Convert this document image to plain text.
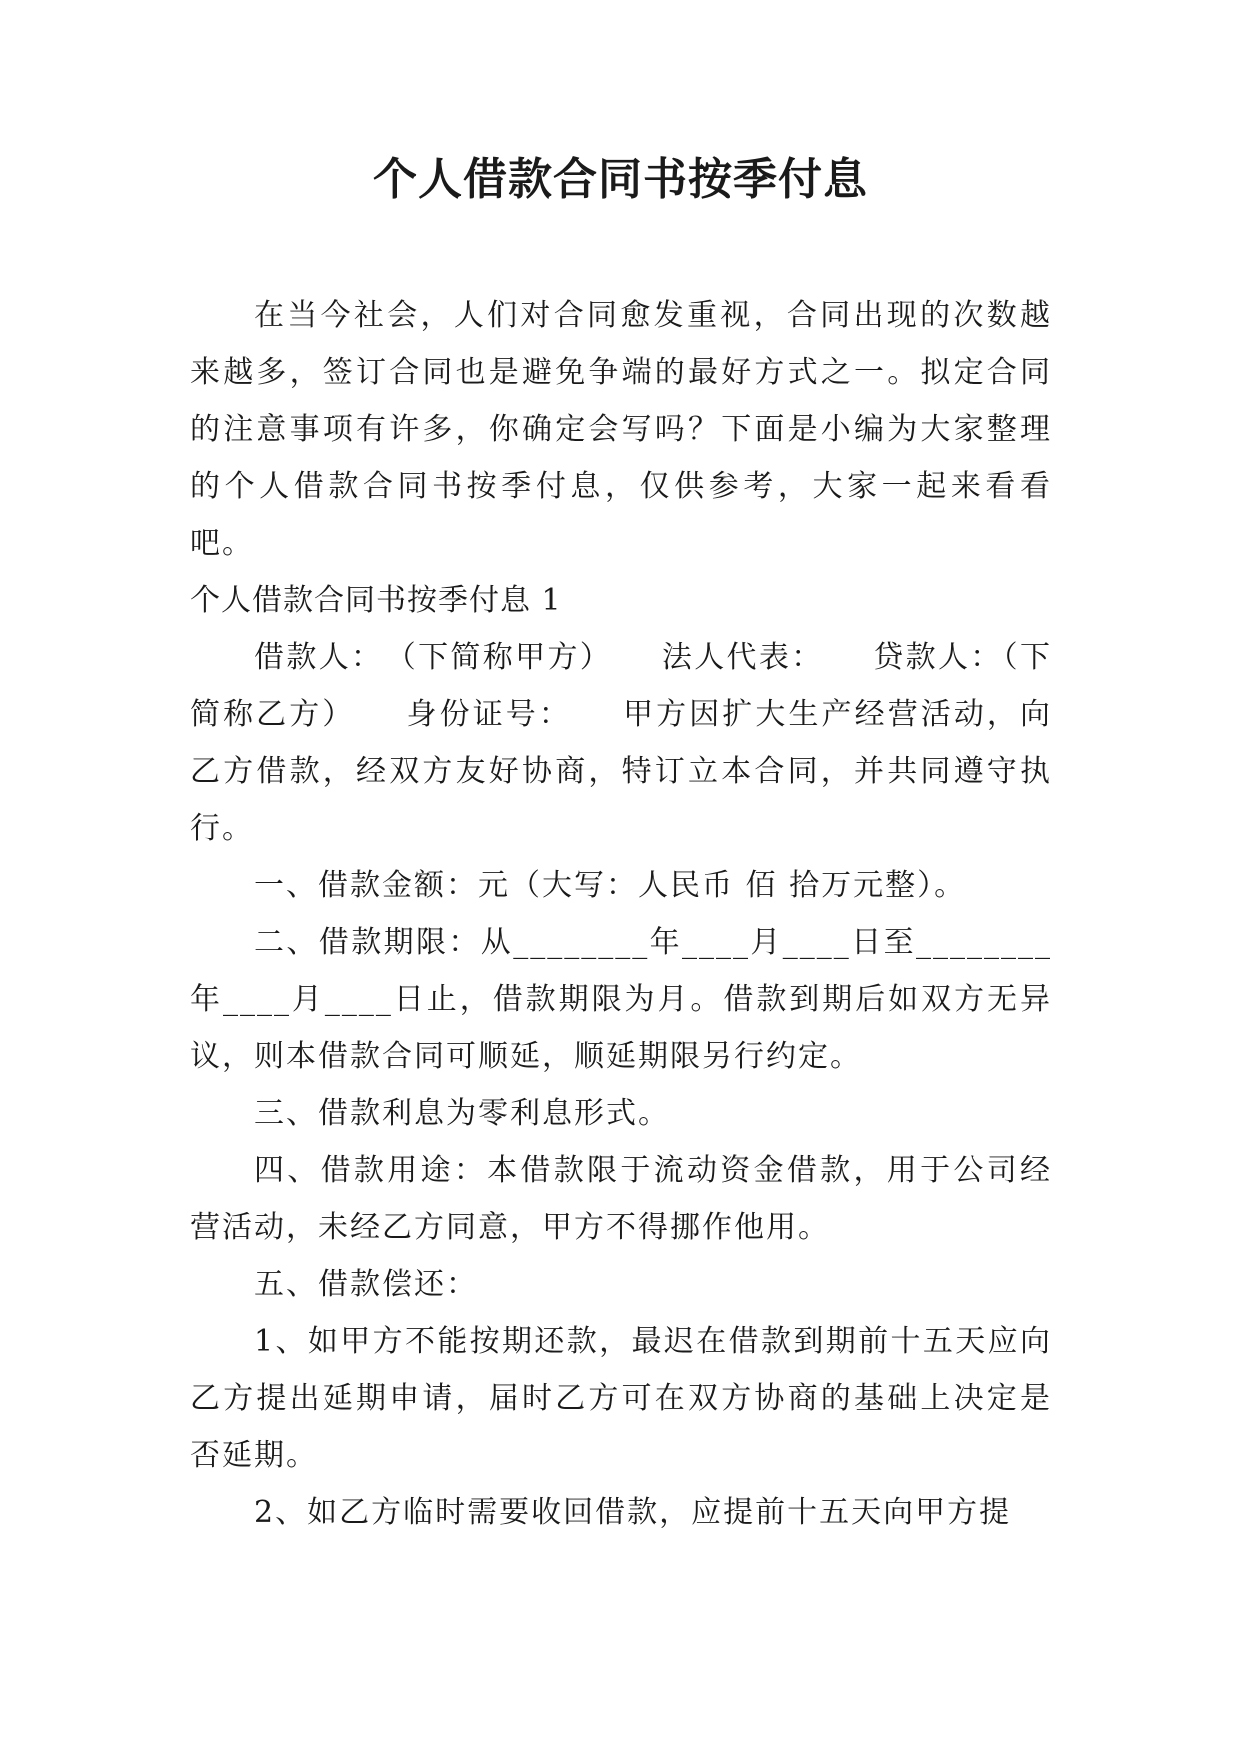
个人借款合同书按季付息

在当今社会，人们对合同愈发重视，合同出现的次数越来越多，签订合同也是避免争端的最好方式之一。拟定合同的注意事项有许多，你确定会写吗？下面是小编为大家整理的个人借款合同书按季付息，仅供参考，大家一起来看看吧。

个人借款合同书按季付息 1

借款人：　（下简称甲方）　　法人代表：　　贷款人：（下简称乙方）　　身份证号：　　甲方因扩大生产经营活动，向乙方借款，经双方友好协商，特订立本合同，并共同遵守执行。

一、借款金额：元（大写：人民币 佰 拾万元整）。

二、借款期限：从________年____月____日至________年____月____日止，借款期限为月。借款到期后如双方无异议，则本借款合同可顺延，顺延期限另行约定。

三、借款利息为零利息形式。

四、借款用途：本借款限于流动资金借款，用于公司经营活动，未经乙方同意，甲方不得挪作他用。

五、借款偿还：

1、如甲方不能按期还款，最迟在借款到期前十五天应向乙方提出延期申请，届时乙方可在双方协商的基础上决定是否延期。

2、如乙方临时需要收回借款，应提前十五天向甲方提
